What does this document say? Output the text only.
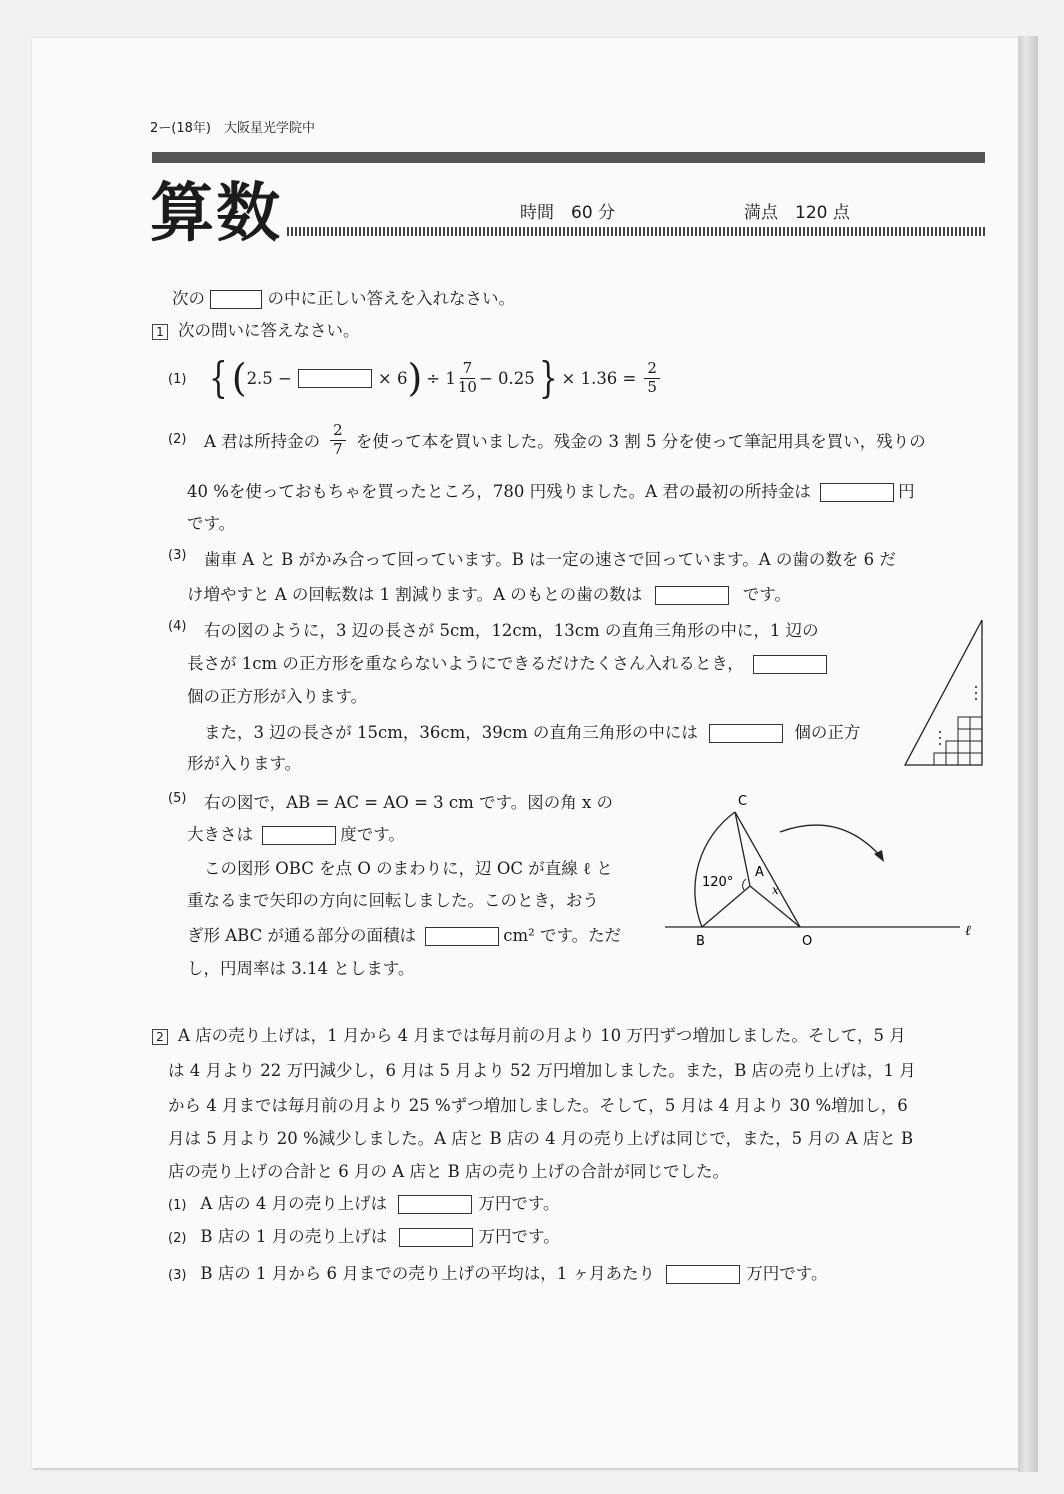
2ー(18年)　大阪星光学院中
算数	時間　60 分	満点　120 点
次の	の中に正しい答えを入れなさい。
1 次の問いに答えなさい。
(1) { ( 2.5 −	× 6 ) ÷ $1 \frac{7}{10} - 0.25$ } × $1.36 = \frac{2}{5}$
(2) A 君は所持金の $\frac{2}{7}$ を使って本を買いました。残金の 3 割 5 分を使って筆記用具を買い，残りの
40 %を使っておもちゃを買ったところ，780 円残りました。A 君の最初の所持金は	円
です。
(3) 歯車 A と B がかみ合って回っています。B は一定の速さで回っています。A の歯の数を 6 だ
け増やすと A の回転数は 1 割減ります。A のもとの歯の数は	です。
(4) 右の図のように，3 辺の長さが 5cm，12cm，13cm の直角三角形の中に，1 辺の
長さが 1cm の正方形を重ならないようにできるだけたくさん入れるとき，
個の正方形が入ります。
また，3 辺の長さが 15cm，36cm，39cm の直角三角形の中には	個の正方
形が入ります。
(5) 右の図で，AB = AC = AO = 3 cm です。図の角 x の
大きさは	度です。
この図形 OBC を点 O のまわりに，辺 OC が直線 ℓ と
重なるまで矢印の方向に回転しました。このとき，おう
ぎ形 ABC が通る部分の面積は	cm² です。ただ
し，円周率は 3.14 とします。
C
A
B	O
ℓ
120°	x
2 A 店の売り上げは，1 月から 4 月までは毎月前の月より 10 万円ずつ増加しました。そして，5 月
は 4 月より 22 万円減少し，6 月は 5 月より 52 万円増加しました。また，B 店の売り上げは，1 月
から 4 月までは毎月前の月より 25 %ずつ増加しました。そして，5 月は 4 月より 30 %増加し，6
月は 5 月より 20 %減少しました。A 店と B 店の 4 月の売り上げは同じで，また，5 月の A 店と B
店の売り上げの合計と 6 月の A 店と B 店の売り上げの合計が同じでした。
(1) A 店の 4 月の売り上げは	万円です。
(2) B 店の 1 月の売り上げは	万円です。
(3) B 店の 1 月から 6 月までの売り上げの平均は，1 ヶ月あたり	万円です。
